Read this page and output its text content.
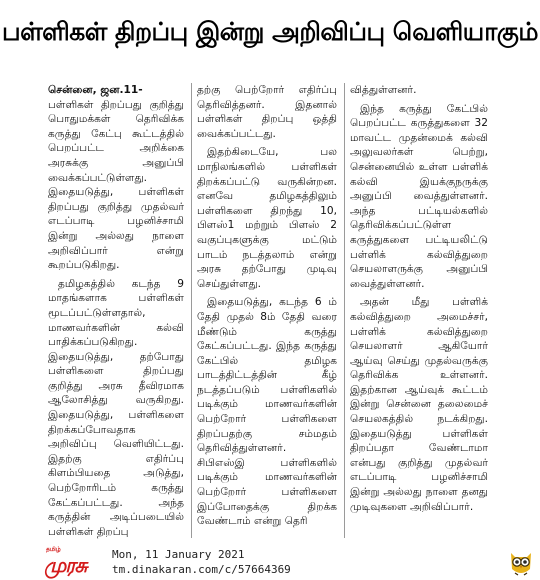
பள்ளிகள் திறப்பு இன்று அறிவிப்பு வெளியாகும்

சென்னை, ஜன.11-
பள்ளிகள் திறப்பது குறித்து பொதுமக்கள் தெரிவிக்க கருத்து கேட்பு கூட்டத்தில் பெறப்பட்ட அறிக்கை அரசுக்கு அனுப்பி வைக்கப்பட்டுள்ளது. இதையடுத்து, பள்ளிகள் திறப்பது குறித்து முதல்வர் எடப்பாடி பழனிச்சாமி இன்று அல்லது நாளை அறிவிப்பார் என்று கூறப்படுகிறது.

தமிழகத்தில் கடந்த 9 மாதங்களாக பள்ளிகள் மூடப்பட்டுள்ளதால், மாணவர்களின் கல்வி பாதிக்கப்படுகிறது. இதையடுத்து, தற்போது பள்ளிகளை திறப்பது குறித்து அரசு தீவிரமாக ஆலோசித்து வருகிறது. இதையடுத்து, பள்ளிகளை திறக்கப்போவதாக அறிவிப்பு வெளியிட்டது. இதற்கு எதிர்ப்பு கிளம்பியதை அடுத்து, பெற்றோரிடம் கருத்து கேட்கப்பட்டது. அந்த கருத்தின் அடிப்படையில் பள்ளிகள் திறப்பு

தற்கு பெற்றோர் எதிர்ப்பு தெரிவித்தனர். இதனால் பள்ளிகள் திறப்பு ஒத்தி வைக்கப்பட்டது.

இதற்கிடையே, பல மாநிலங்களில் பள்ளிகள் திறக்கப்பட்டு வருகின்றன. எனவே தமிழகத்திலும் பள்ளிகளை திறந்து 10, பிளஸ்1 மற்றும் பிளஸ் 2 வகுப்புகளுக்கு மட்டும் பாடம் நடத்தலாம் என்று அரசு தற்போது முடிவு செய்துள்ளது.

இதையடுத்து, கடந்த 6 ம் தேதி முதல் 8ம் தேதி வரை மீண்டும் கருத்து கேட்கப்பட்டது. இந்த கருத்து கேட்பில் தமிழக பாடத்திட்டத்தின் கீழ் நடத்தப்படும் பள்ளிகளில் படிக்கும் மாணவர்களின் பெற்றோர் பள்ளிகளை திறப்பதற்கு சம்மதம் தெரிவித்துள்ளனர். சிபிஎஸ்இ பள்ளிகளில் படிக்கும் மாணவர்களின் பெற்றோர் பள்ளிகளை இப்போதைக்கு திறக்க வேண்டாம் என்று தெரி

வித்துள்ளனர்.

இந்த கருத்து கேட்பில் பெறப்பட்ட கருத்துகளை 32 மாவட்ட முதன்மைக் கல்வி அலுவலர்கள் பெற்று, சென்னையில் உள்ள பள்ளிக் கல்வி இயக்குநருக்கு அனுப்பி வைத்துள்ளனர். அந்த பட்டியல்களில் தெரிவிக்கப்பட்டுள்ள கருத்துகளை பட்டியலிட்டு பள்ளிக் கல்வித்துறை செயலாளருக்கு அனுப்பி வைத்துள்ளனர்.

அதன் மீது பள்ளிக் கல்வித்துறை அமைச்சர், பள்ளிக் கல்வித்துறை செயலாளர் ஆகியோர் ஆய்வு செய்து முதல்வருக்கு தெரிவிக்க உள்ளனர். இதற்கான ஆய்வுக் கூட்டம் இன்று சென்னை தலைமைச் செயலகத்தில் நடக்கிறது. இதையடுத்து பள்ளிகள் திறப்பதா வேண்டாமா என்பது குறித்து முதல்வர் எடப்பாடி பழனிச்சாமி இன்று அல்லது நாளை தனது முடிவுகளை அறிவிப்பார்.

தமிழ்
முரசு Mon, 11 January 2021
tm.dinakaran.com/c/57664369
